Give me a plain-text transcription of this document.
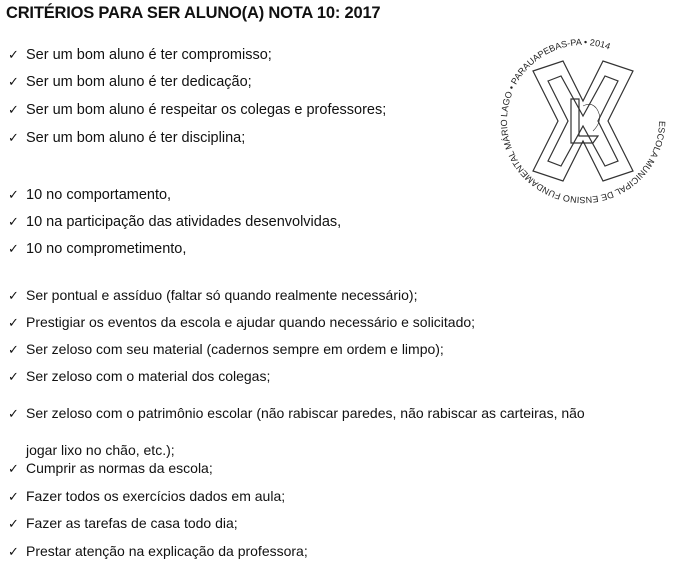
CRITÉRIOS PARA SER ALUNO(A) NOTA 10: 2017
✓ Ser um bom aluno é ter compromisso;
✓ Ser um bom aluno é ter dedicação;
✓ Ser um bom aluno é respeitar os colegas e professores;
✓ Ser um bom aluno é ter disciplina;
✓ 10 no comportamento,
✓ 10 na participação das atividades desenvolvidas,
✓ 10 no comprometimento,
✓ Ser pontual e assíduo (faltar só quando realmente necessário);
✓ Prestigiar os eventos da escola e ajudar quando necessário e solicitado;
✓ Ser zeloso com seu material (cadernos sempre em ordem e limpo);
✓ Ser zeloso com o material dos colegas;
✓ Ser zeloso com o patrimônio escolar (não rabiscar paredes, não rabiscar as carteiras, não
✓ Cumprir as normas da escola;
✓ Fazer todos os exercícios dados em aula;
✓ Fazer as tarefas de casa todo dia;
✓ Prestar atenção na explicação da professora;
jogar lixo no chão, etc.);
ESCOLA MUNICIPAL DE ENSINO FUNDAMENTAL MÁRIO LAGO • PARAUAPEBAS-PA • 2014
